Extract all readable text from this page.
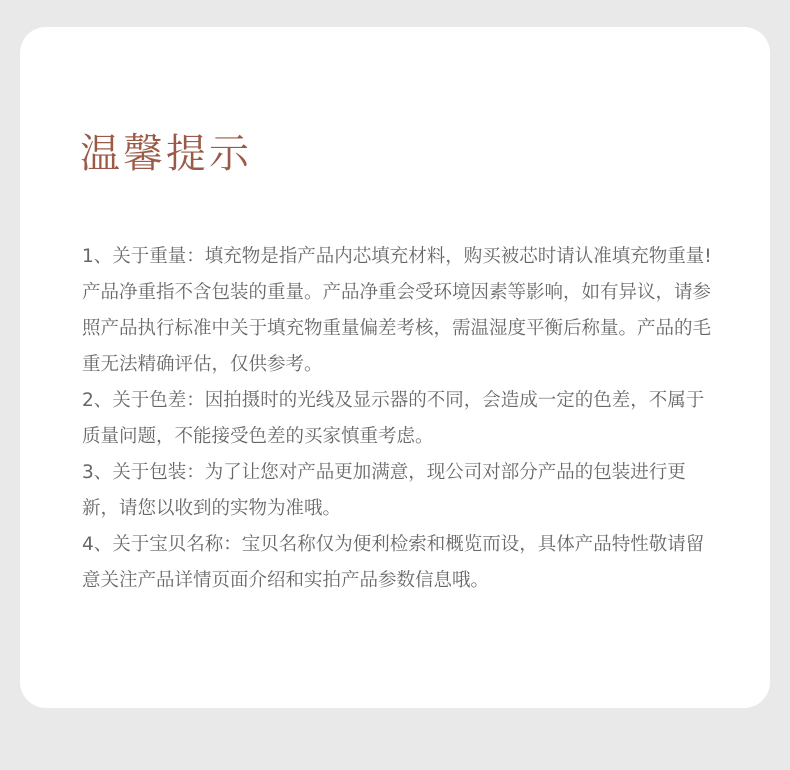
温馨提示
1、关于重量：填充物是指产品内芯填充材料，购买被芯时请认准填充物重量!产品净重指不含包装的重量。产品净重会受环境因素等影响，如有异议，请参照产品执行标准中关于填充物重量偏差考核，需温湿度平衡后称量。产品的毛重无法精确评估，仅供参考。
2、关于色差：因拍摄时的光线及显示器的不同，会造成一定的色差，不属于质量问题，不能接受色差的买家慎重考虑。
3、关于包装：为了让您对产品更加满意，现公司对部分产品的包装进行更新，请您以收到的实物为准哦。
4、关于宝贝名称：宝贝名称仅为便利检索和概览而设，具体产品特性敬请留意关注产品详情页面介绍和实拍产品参数信息哦。
